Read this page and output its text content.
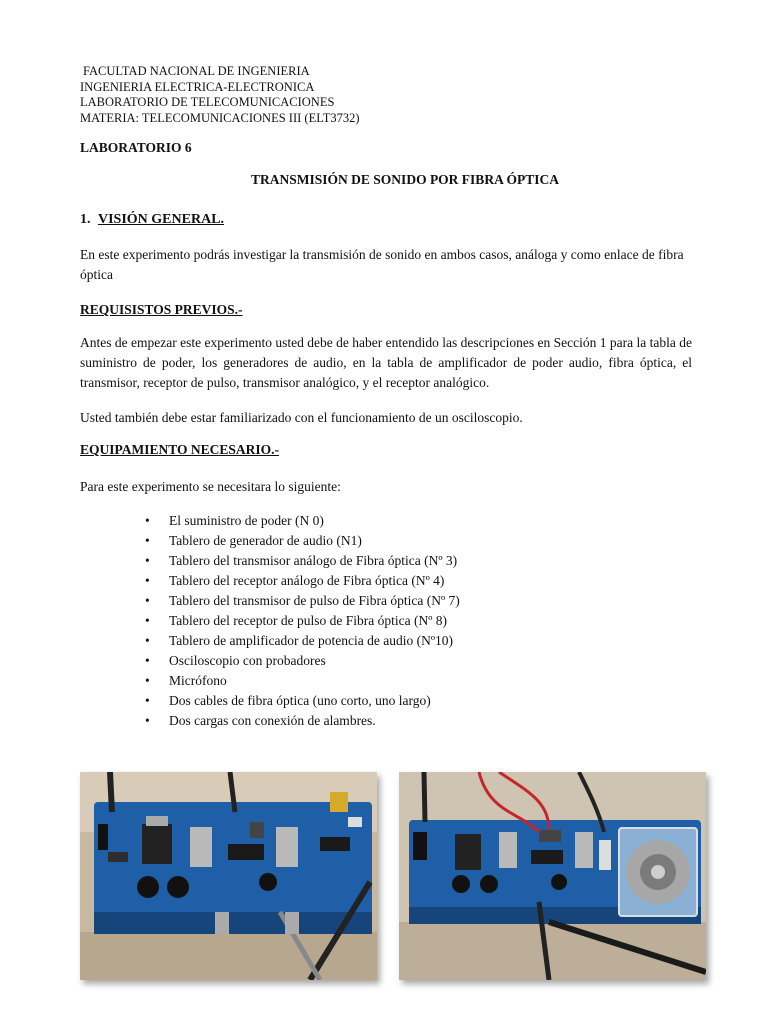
FACULTAD NACIONAL DE INGENIERIA
INGENIERIA ELECTRICA-ELECTRONICA
LABORATORIO DE TELECOMUNICACIONES
MATERIA: TELECOMUNICACIONES III (ELT3732)
LABORATORIO 6
TRANSMISIÓN DE SONIDO POR FIBRA ÓPTICA
1. VISIÓN GENERAL.
En este experimento podrás investigar la transmisión de sonido en ambos casos, análoga y como enlace de fibra óptica
REQUISISTOS PREVIOS.-
Antes de empezar este experimento usted debe de haber entendido las descripciones en Sección 1 para la tabla de suministro de poder, los generadores de audio, en la tabla de amplificador de poder audio, fibra óptica, el transmisor, receptor de pulso, transmisor analógico, y el receptor analógico.
Usted también debe estar familiarizado con el funcionamiento de un osciloscopio.
EQUIPAMIENTO NECESARIO.-
Para este experimento se necesitara lo siguiente:
• El suministro de poder (N 0)
• Tablero de generador de audio (N1)
• Tablero del transmisor análogo de Fibra óptica (Nº 3)
• Tablero del receptor análogo de Fibra óptica (Nº 4)
• Tablero del transmisor de pulso de Fibra óptica (Nº 7)
• Tablero del receptor de pulso de Fibra óptica (Nº 8)
• Tablero de amplificador de potencia de audio (Nº10)
• Osciloscopio con probadores
• Micrófono
• Dos cables de fibra óptica (uno corto, uno largo)
• Dos cargas con conexión de alambres.
